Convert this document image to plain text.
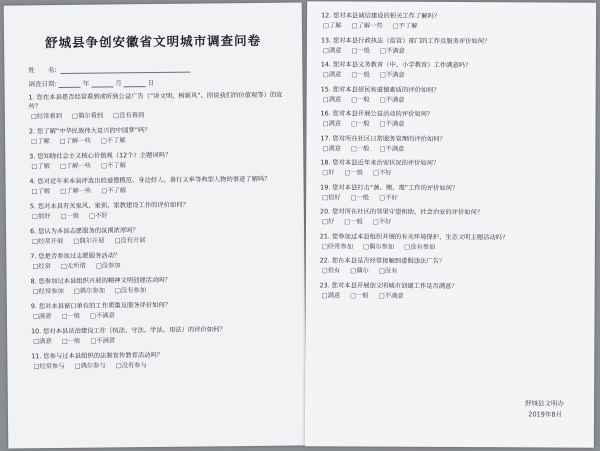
舒城县争创安徽省文明城市调查问卷
姓　　名:
调查日期:	年	月	日
1. 您在本县是否经常看到或听到公益广告（“讲文明、树新风”、图说我们的价值观等）的宣传？
□经常看到 □偶尔看到 □没有看到
2. 您了解“中华民族伟大复兴的中国梦”吗？
□了解 □了解一些 □不了解
3. 您知晓社会主义核心价值观（12个）主题词吗？
□了解 □了解一些 □不了解
4. 您对近年来本县评选出的道德模范、身边好人、善行义举等典型人物的事迹了解吗？
□了解 □了解一些 □不了解
5. 您对本县有关家风、家训、家教建设工作的评价如何？
□很好 □一般 □不好
6. 您认为本县志愿服务的氛围浓厚吗？
□经常开展 □偶尔开展 □没有开展
7. 您是否参加过志愿服务活动？
□经常 □无所谓 □没参加
8. 您参加过本县组织开展的精神文明创建活动吗？
□经常参加 □偶尔参加 □没有参加
9. 您对本县窗口单位的工作质量及服务评价如何？
□满意 □一般 □不满意
10. 您对本县法治建设工作（执法、守法、学法、用法）的评价如何？
□满意 □一般 □不满意
11. 您参与过本县组织的法制宣传教育活动吗？
□经常参与 □偶尔参与 □没有参与
12. 您对本县诚信建设的相关工作了解吗？
□了解 □了解一些 □不了解
13. 您对本县行政执法（监管）部门的工作及服务评价如何？
□满意 □一般 □不满意
14. 您对本县义务教育（中、小学教育）工作满意吗？
□满意 □一般 □不满意
15. 您对本县居民和道德素质的评价如何？
□满意 □一般 □不满意
16. 您对本县开展公益活动的评价如何？
□满意 □一般 □不满意
17. 您对所在社区日常服务管理的评价如何？
□满意 □一般 □不满意
18. 您对本县近年来治安状况的评价如何？
□好 □一般 □不好
19. 您对本县打击“黄、赌、毒”工作的评价如何？
□很好 □一般 □不好
20. 您对所在社区的邻里守望相助、社会治安的评价如何？
□好 □一般 □不好
21. 您参加过本县组织开展的有关环境保护、生态文明主题活动吗？
□经常参加 □偶尔参加 □没有参加
22. 您在本县是否经常接触到虚假违法广告？
□很有 □偶尔 □没有
23. 您对本县开展创文明城市创建工作是否满意？
□满意 □一般 □不满意
舒城县文明办
2019年8月
